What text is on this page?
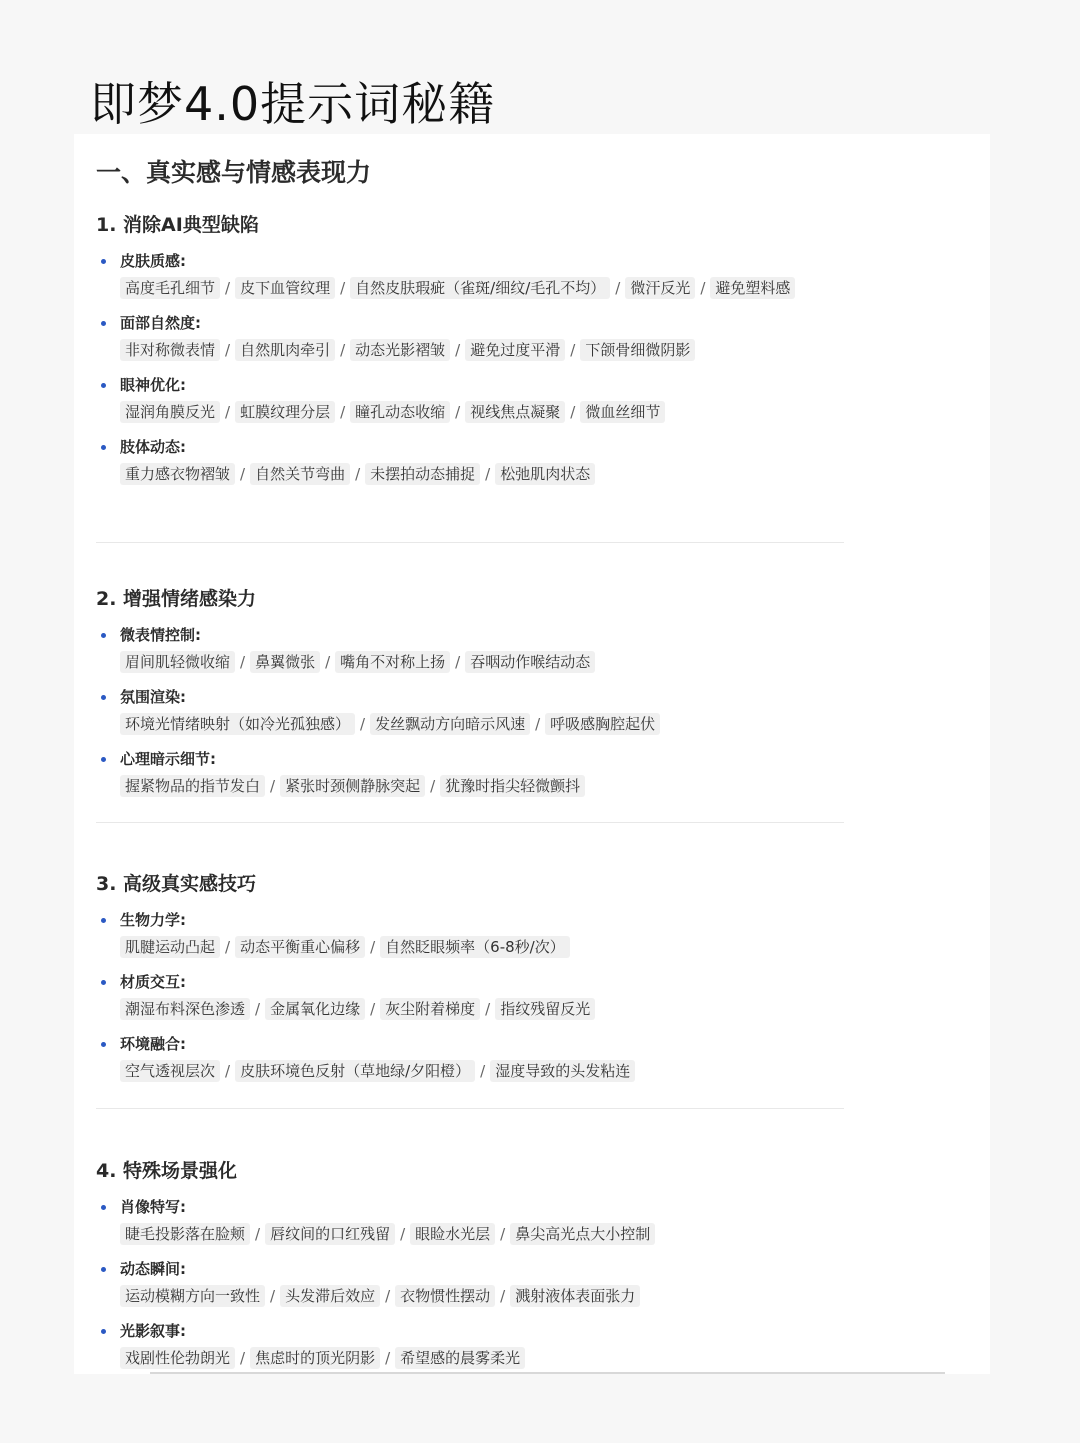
即梦4.0提示词秘籍
一、真实感与情感表现力
1. 消除AI典型缺陷
皮肤质感:
高度毛孔细节 / 皮下血管纹理 / 自然皮肤瑕疵（雀斑/细纹/毛孔不均） / 微汗反光 / 避免塑料感
面部自然度:
非对称微表情 / 自然肌肉牵引 / 动态光影褶皱 / 避免过度平滑 / 下颌骨细微阴影
眼神优化:
湿润角膜反光 / 虹膜纹理分层 / 瞳孔动态收缩 / 视线焦点凝聚 / 微血丝细节
肢体动态:
重力感衣物褶皱 / 自然关节弯曲 / 未摆拍动态捕捉 / 松弛肌肉状态
2. 增强情绪感染力
微表情控制:
眉间肌轻微收缩 / 鼻翼微张 / 嘴角不对称上扬 / 吞咽动作喉结动态
氛围渲染:
环境光情绪映射（如冷光孤独感） / 发丝飘动方向暗示风速 / 呼吸感胸腔起伏
心理暗示细节:
握紧物品的指节发白 / 紧张时颈侧静脉突起 / 犹豫时指尖轻微颤抖
3. 高级真实感技巧
生物力学:
肌腱运动凸起 / 动态平衡重心偏移 / 自然眨眼频率（6-8秒/次）
材质交互:
潮湿布料深色渗透 / 金属氧化边缘 / 灰尘附着梯度 / 指纹残留反光
环境融合:
空气透视层次 / 皮肤环境色反射（草地绿/夕阳橙） / 湿度导致的头发粘连
4. 特殊场景强化
肖像特写:
睫毛投影落在脸颊 / 唇纹间的口红残留 / 眼睑水光层 / 鼻尖高光点大小控制
动态瞬间:
运动模糊方向一致性 / 头发滞后效应 / 衣物惯性摆动 / 溅射液体表面张力
光影叙事:
戏剧性伦勃朗光 / 焦虑时的顶光阴影 / 希望感的晨雾柔光
